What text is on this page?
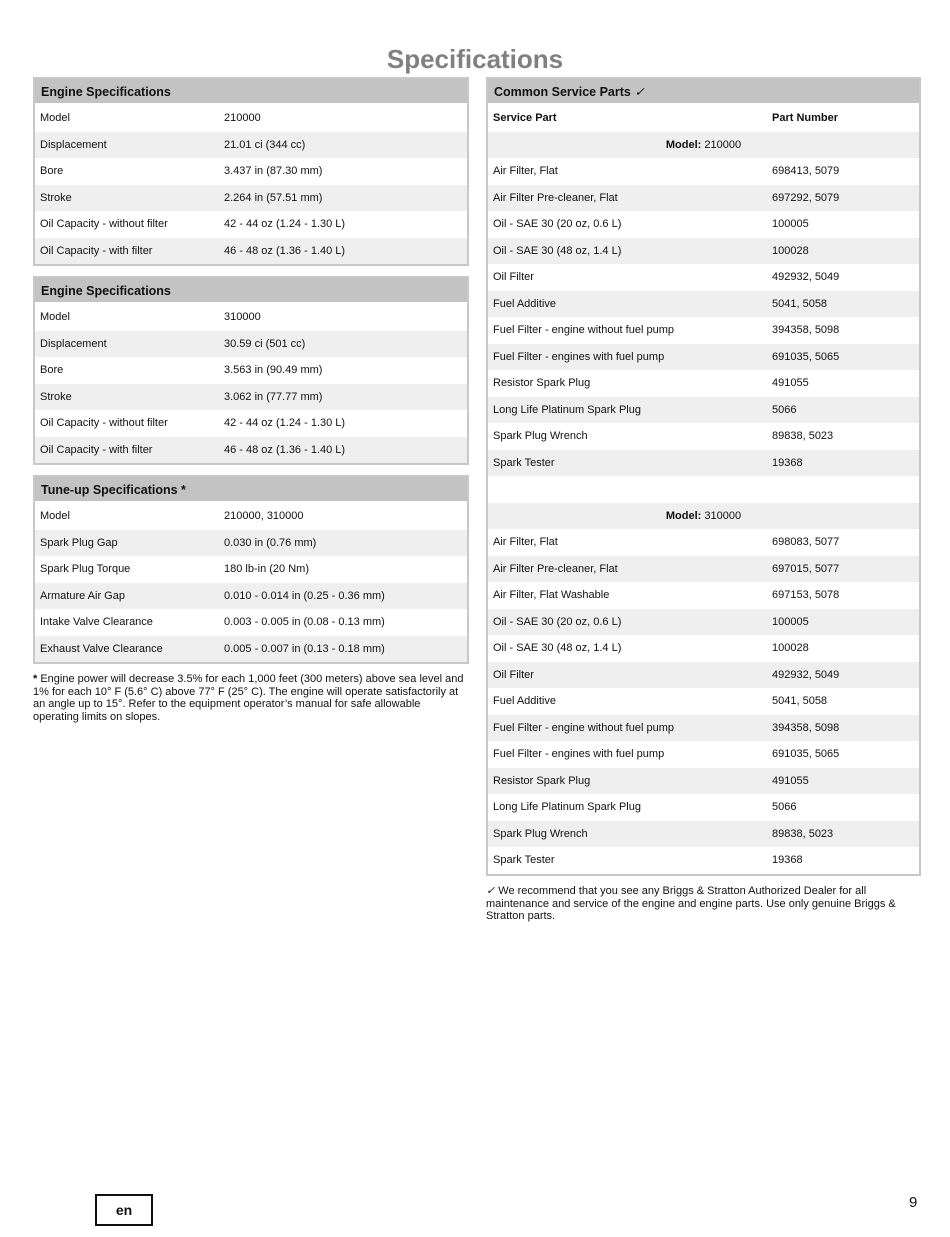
Specifications
Engine Specifications
Model	210000
Displacement	21.01 ci (344 cc)
Bore	3.437 in (87.30 mm)
Stroke	2.264 in (57.51 mm)
Oil Capacity - without filter	42 - 44 oz (1.24 - 1.30 L)
Oil Capacity - with filter	46 - 48 oz (1.36 - 1.40 L)
Engine Specifications
Model	310000
Displacement	30.59 ci (501 cc)
Bore	3.563 in (90.49 mm)
Stroke	3.062 in (77.77 mm)
Oil Capacity - without filter	42 - 44 oz (1.24 - 1.30 L)
Oil Capacity - with filter	46 - 48 oz (1.36 - 1.40 L)
Tune-up Specifications *
Model	210000, 310000
Spark Plug Gap	0.030 in (0.76 mm)
Spark Plug Torque	180 lb-in (20 Nm)
Armature Air Gap	0.010 - 0.014 in (0.25 - 0.36 mm)
Intake Valve Clearance	0.003 - 0.005 in (0.08 - 0.13 mm)
Exhaust Valve Clearance	0.005 - 0.007 in (0.13 - 0.18 mm)
* Engine power will decrease 3.5% for each 1,000 feet (300 meters) above sea level and 1% for each 10° F (5.6° C) above 77° F (25° C). The engine will operate satisfactorily at an angle up to 15°. Refer to the equipment operator’s manual for safe allowable operating limits on slopes.
Common Service Parts ✓
Service Part	Part Number
Model:
210000
Air Filter, Flat	698413, 5079
Air Filter Pre-cleaner, Flat	697292, 5079
Oil - SAE 30 (20 oz, 0.6 L)	100005
Oil - SAE 30 (48 oz, 1.4 L)	100028
Oil Filter	492932, 5049
Fuel Additive	5041, 5058
Fuel Filter - engine without fuel pump	394358, 5098
Fuel Filter - engines with fuel pump	691035, 5065
Resistor Spark Plug	491055
Long Life Platinum Spark Plug	5066
Spark Plug Wrench	89838, 5023
Spark Tester	19368
Model:
310000
Air Filter, Flat	698083, 5077
Air Filter Pre-cleaner, Flat	697015, 5077
Air Filter, Flat Washable	697153, 5078
Oil - SAE 30 (20 oz, 0.6 L)	100005
Oil - SAE 30 (48 oz, 1.4 L)	100028
Oil Filter	492932, 5049
Fuel Additive	5041, 5058
Fuel Filter - engine without fuel pump	394358, 5098
Fuel Filter - engines with fuel pump	691035, 5065
Resistor Spark Plug	491055
Long Life Platinum Spark Plug	5066
Spark Plug Wrench	89838, 5023
Spark Tester	19368
✓ We recommend that you see any Briggs & Stratton Authorized Dealer for all maintenance and service of the engine and engine parts. Use only genuine Briggs & Stratton parts.
en	9
